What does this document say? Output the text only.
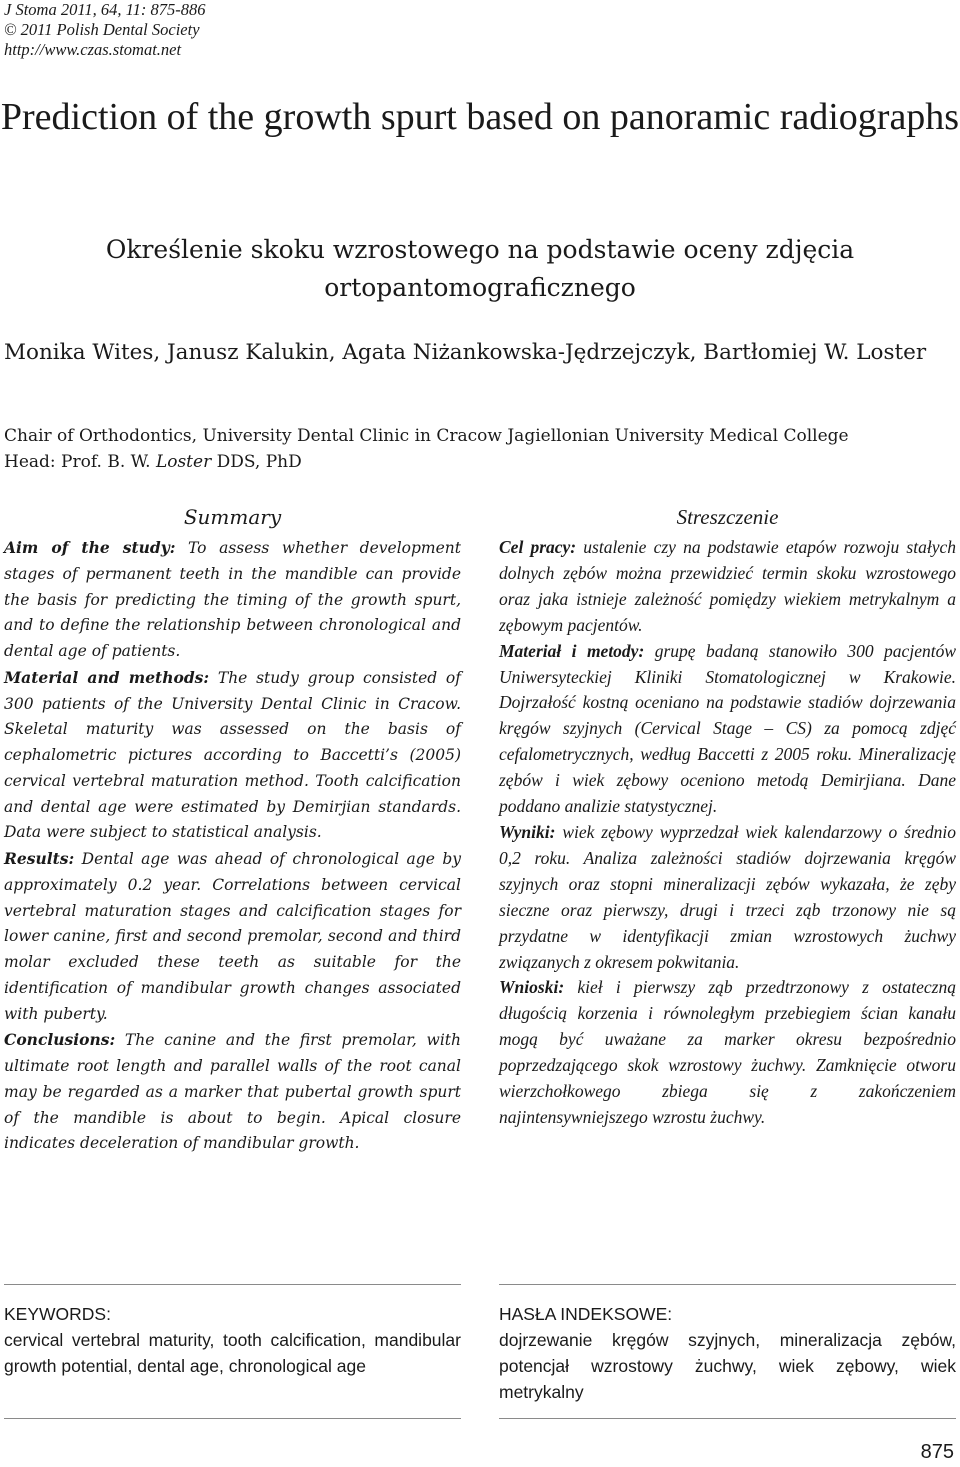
J Stoma 2011, 64, 11: 875-886
© 2011 Polish Dental Society
http://www.czas.stomat.net
Prediction of the growth spurt based on panoramic radiographs
Określenie skoku wzrostowego na podstawie oceny zdjęcia ortopantomograficznego
Monika Wites, Janusz Kalukin, Agata Niżankowska-Jędrzejczyk, Bartłomiej W. Loster
Chair of Orthodontics, University Dental Clinic in Cracow Jagiellonian University Medical College
Head: Prof. B. W. Loster DDS, PhD
Summary

Aim of the study: To assess whether development stages of permanent teeth in the mandible can provide the basis for predicting the timing of the growth spurt, and to define the relationship between chronological and dental age of patients.

Material and methods: The study group consisted of 300 patients of the University Dental Clinic in Cracow. Skeletal maturity was assessed on the basis of cephalometric pictures according to Baccetti’s (2005) cervical vertebral maturation method. Tooth calcification and dental age were estimated by Demirjian standards. Data were subject to statistical analysis.

Results: Dental age was ahead of chronological age by approximately 0.2 year. Correlations between cervical vertebral maturation stages and calcification stages for lower canine, first and second premolar, second and third molar excluded these teeth as suitable for the identification of mandibular growth changes associated with puberty.

Conclusions: The canine and the first premolar, with ultimate root length and parallel walls of the root canal may be regarded as a marker that pubertal growth spurt of the mandible is about to begin. Apical closure indicates deceleration of mandibular growth.

Streszczenie

Cel pracy: ustalenie czy na podstawie etapów rozwoju stałych dolnych zębów można przewidzieć termin skoku wzrostowego oraz jaka istnieje zależność pomiędzy wiekiem metrykalnym a zębowym pacjentów.

Materiał i metody: grupę badaną stanowiło 300 pacjentów Uniwersyteckiej Kliniki Stomatologicznej w Krakowie. Dojrzałość kostną oceniano na podstawie stadiów dojrzewania kręgów szyjnych (Cervical Stage – CS) za pomocą zdjęć cefalometrycznych, według Baccetti z 2005 roku. Mineralizację zębów i wiek zębowy oceniono metodą Demirjiana. Dane poddano analizie statystycznej.

Wyniki: wiek zębowy wyprzedzał wiek kalendarzowy o średnio 0,2 roku. Analiza zależności stadiów dojrzewania kręgów szyjnych oraz stopni mineralizacji zębów wykazała, że zęby sieczne oraz pierwszy, drugi i trzeci ząb trzonowy nie są przydatne w identyfikacji zmian wzrostowych żuchwy związanych z okresem pokwitania.

Wnioski: kieł i pierwszy ząb przedtrzonowy z ostateczną długością korzenia i równoległym przebiegiem ścian kanału mogą być uważane za marker okresu bezpośrednio poprzedzającego skok wzrostowy żuchwy. Zamknięcie otworu wierzchołkowego zbiega się z zakończeniem najintensywniejszego wzrostu żuchwy.

KEYWORDS:
cervical vertebral maturity, tooth calcification, mandibular growth potential, dental age, chronological age
HASŁA INDEKSOWE:
dojrzewanie kręgów szyjnych, mineralizacja zębów, potencjał wzrostowy żuchwy, wiek zębowy, wiek metrykalny
875
